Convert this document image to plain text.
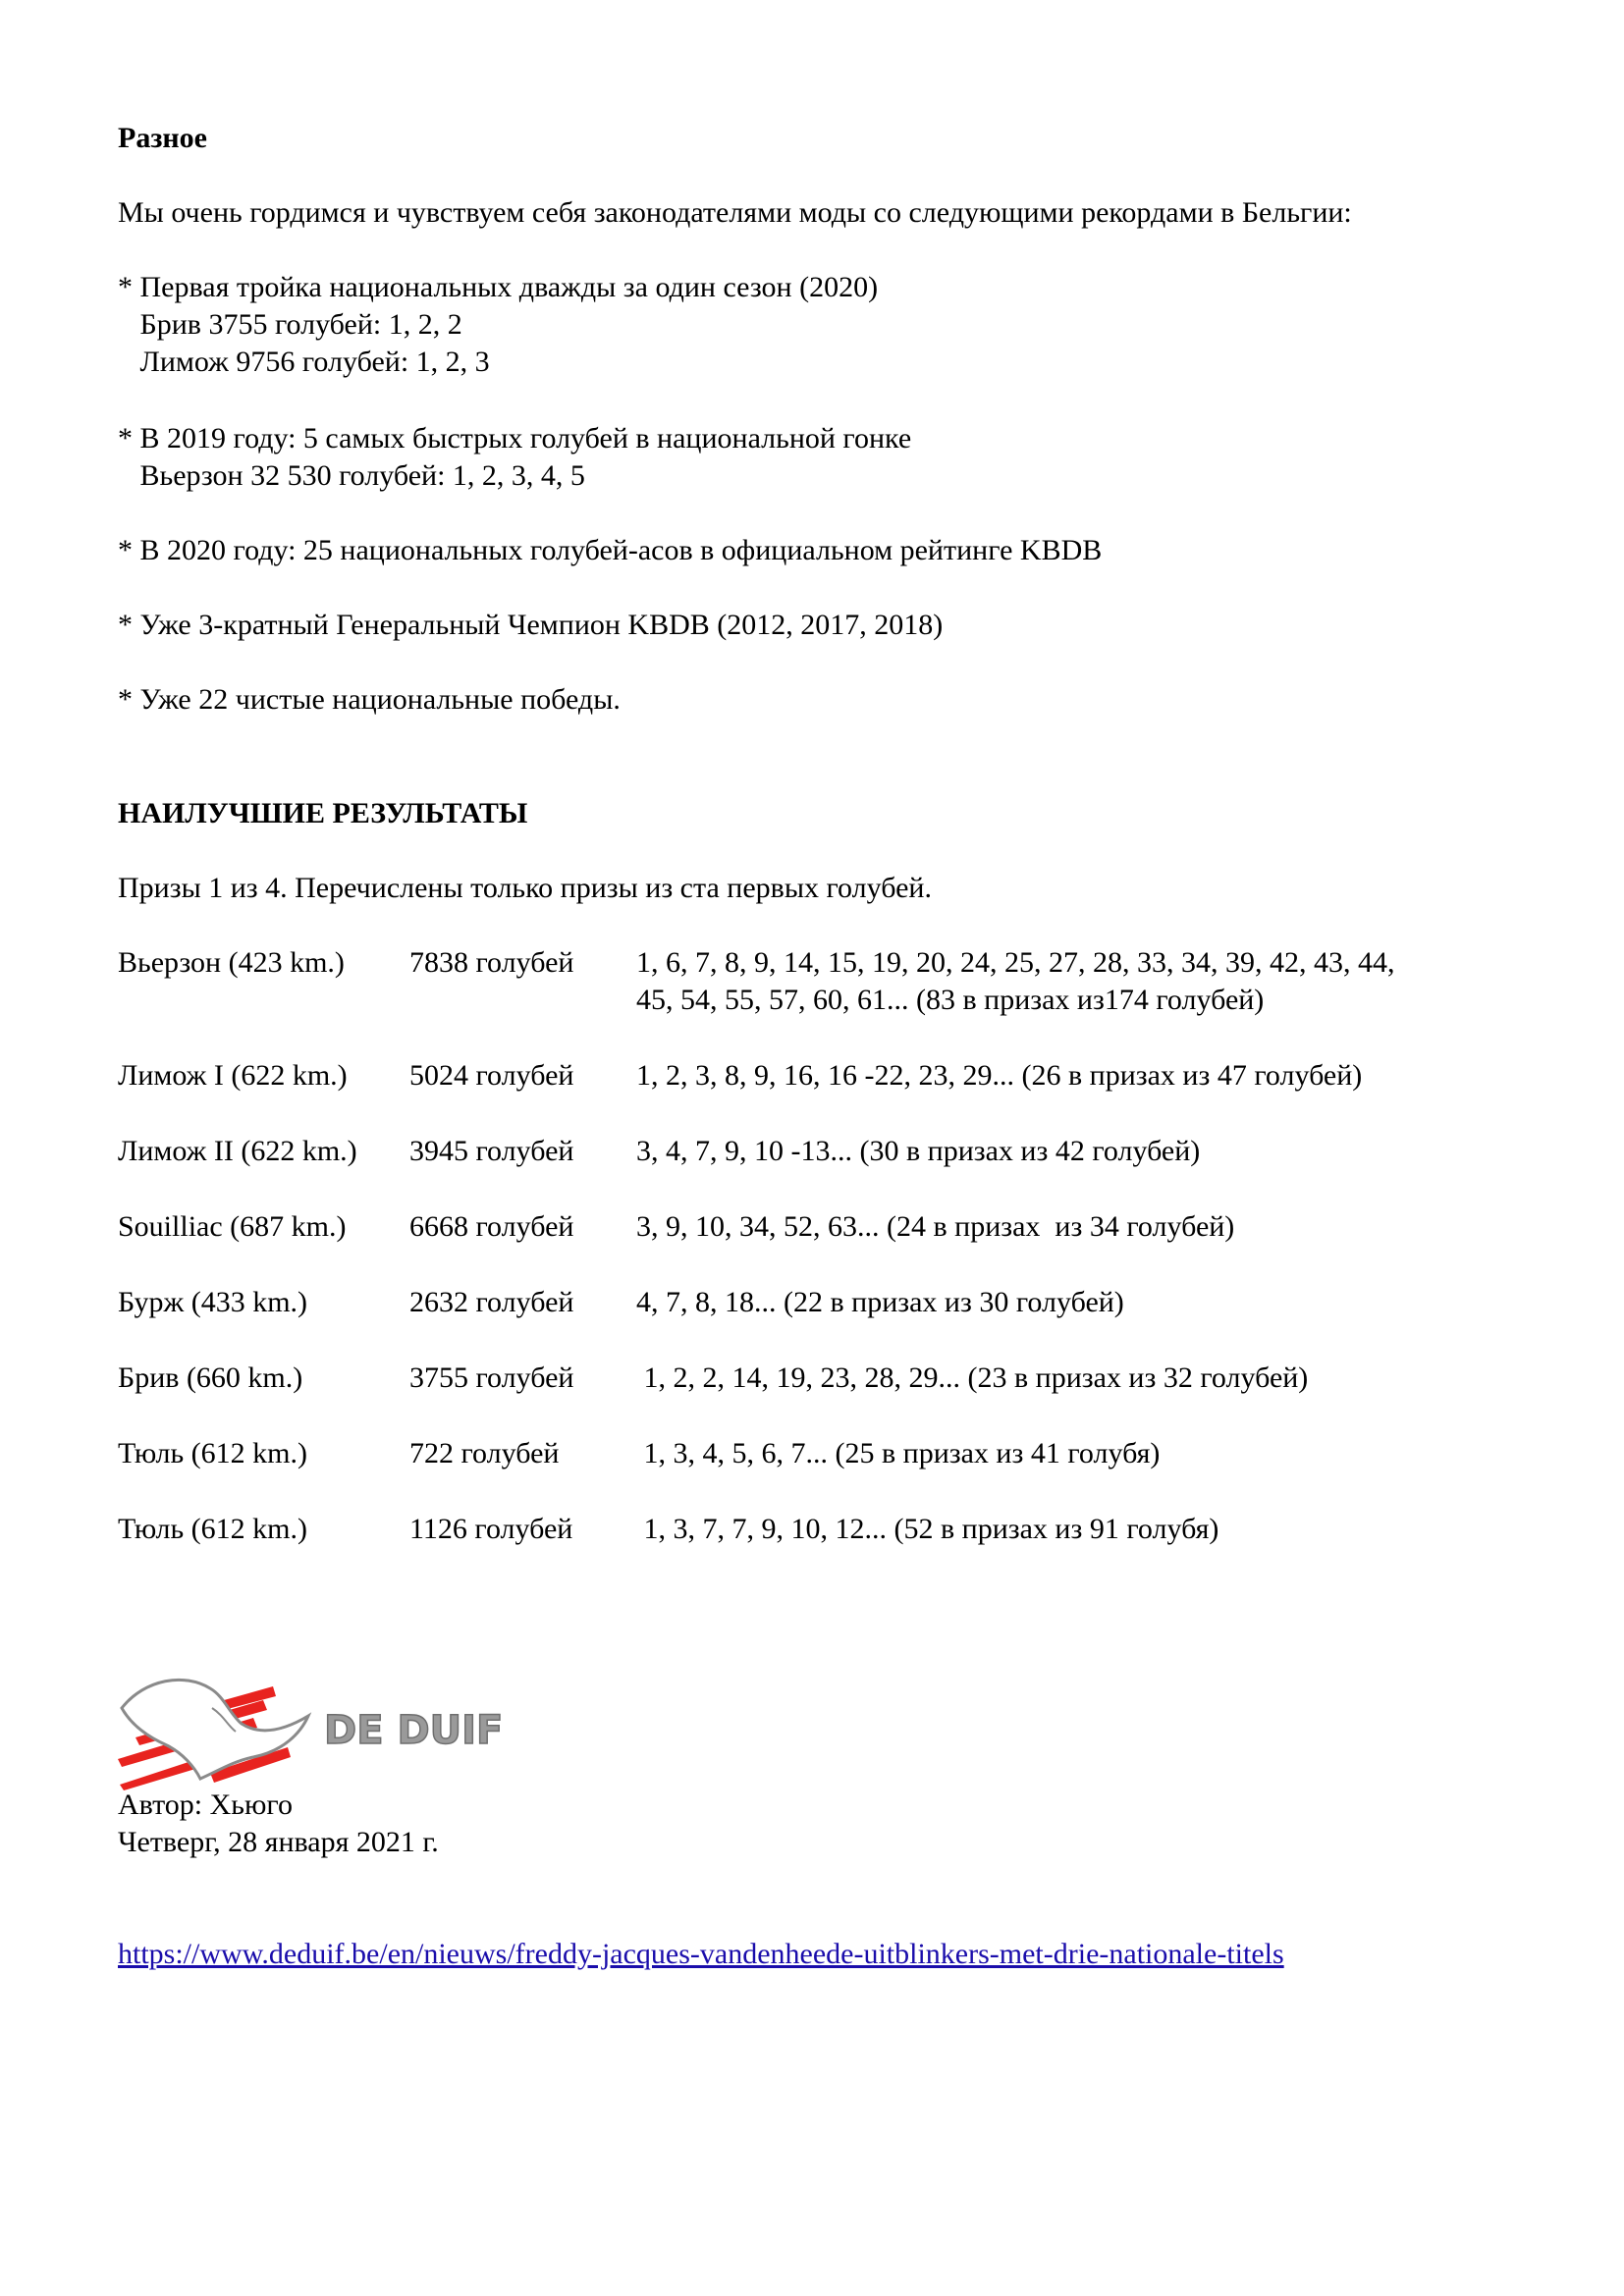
Разное
Мы очень гордимся и чувствуем себя законодателями моды со следующими рекордами в Бельгии:
* Первая тройка национальных дважды за один сезон (2020)
Брив 3755 голубей: 1, 2, 2
Лимож 9756 голубей: 1, 2, 3
* В 2019 году: 5 самых быстрых голубей в национальной гонке
Вьерзон 32 530 голубей: 1, 2, 3, 4, 5
* В 2020 году: 25 национальных голубей-асов в официальном рейтинге KBDB
* Уже 3-кратный Генеральный Чемпион KBDB (2012, 2017, 2018)
* Уже 22 чистые национальные победы.
НАИЛУЧШИЕ РЕЗУЛЬТАТЫ
Призы 1 из 4. Перечислены только призы из ста первых голубей.
Вьерзон (423 km.) 7838 голубей 1, 6, 7, 8, 9, 14, 15, 19, 20, 24, 25, 27, 28, 33, 34, 39, 42, 43, 44,
45, 54, 55, 57, 60, 61... (83 в призах из174 голубей)
Лимож I (622 km.) 5024 голубей 1, 2, 3, 8, 9, 16, 16 -22, 23, 29... (26 в призах из 47 голубей)
Лимож II (622 km.) 3945 голубей 3, 4, 7, 9, 10 -13... (30 в призах из 42 голубей)
Souilliac (687 km.) 6668 голубей 3, 9, 10, 34, 52, 63... (24 в призах  из 34 голубей)
Бурж (433 km.)	2632 голубей 4, 7, 8, 18... (22 в призах из 30 голубей)
Брив (660 km.)	3755 голубей 1, 2, 2, 14, 19, 23, 28, 29... (23 в призах из 32 голубей)
Тюль (612 km.)	722 голубей	1, 3, 4, 5, 6, 7... (25 в призах из 41 голубя)
Тюль (612 km.)	1126 голубей 1, 3, 7, 7, 9, 10, 12... (52 в призах из 91 голубя)
Автор: Хьюго
Четверг, 28 января 2021 г.
https://www.deduif.be/en/nieuws/freddy-jacques-vandenheede-uitblinkers-met-drie-nationale-titels
DE DUIF
